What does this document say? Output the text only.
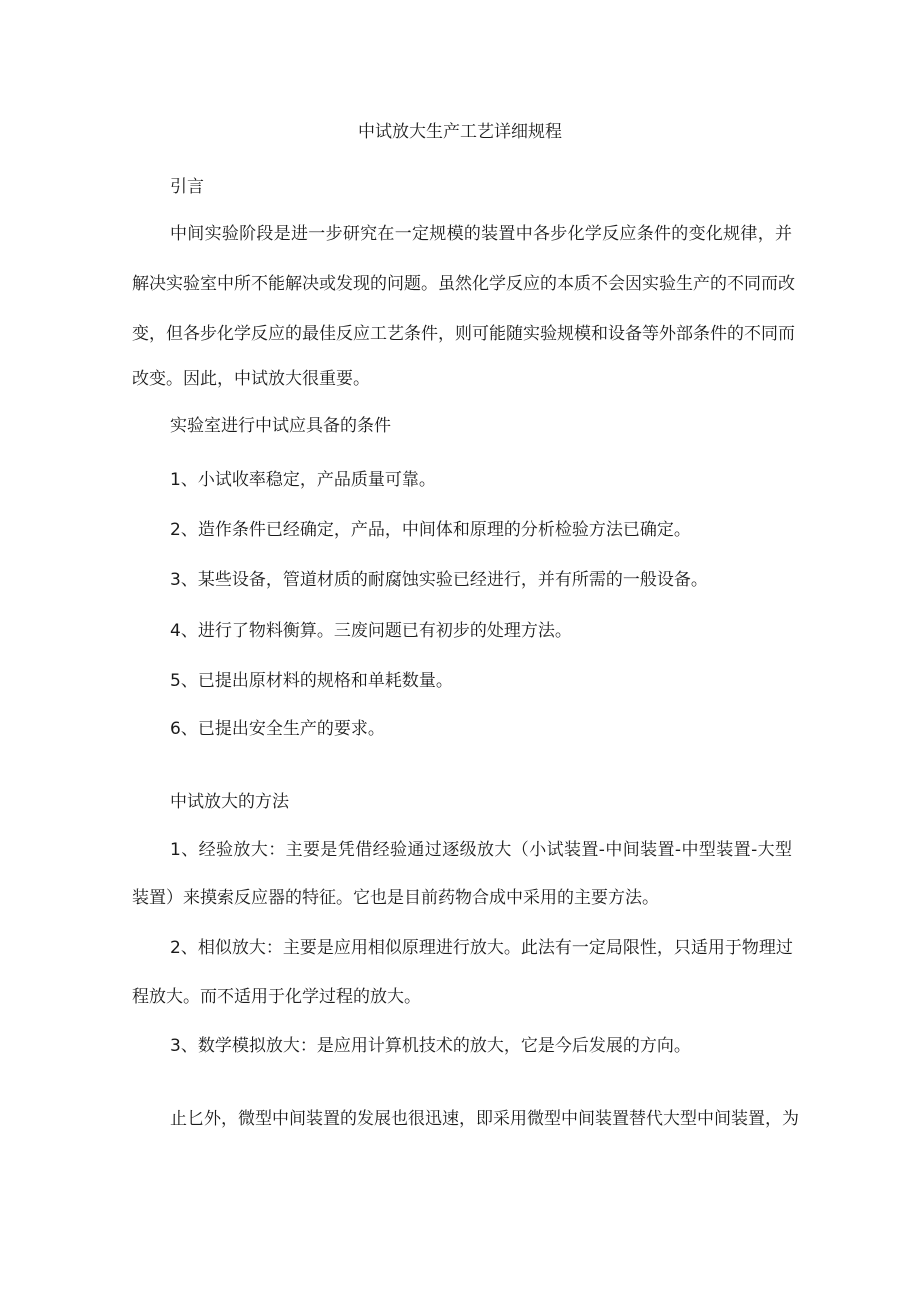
中试放大生产工艺详细规程
引言
中间实验阶段是进一步研究在一定规模的装置中各步化学反应条件的变化规律，并
解决实验室中所不能解决或发现的问题。虽然化学反应的本质不会因实验生产的不同而改
变，但各步化学反应的最佳反应工艺条件，则可能随实验规模和设备等外部条件的不同而
改变。因此，中试放大很重要。
实验室进行中试应具备的条件
1、小试收率稳定，产品质量可靠。
2、造作条件已经确定，产品，中间体和原理的分析检验方法已确定。
3、某些设备，管道材质的耐腐蚀实验已经进行，并有所需的一般设备。
4、进行了物料衡算。三废问题已有初步的处理方法。
5、已提出原材料的规格和单耗数量。
6、已提出安全生产的要求。
中试放大的方法
1、经验放大：主要是凭借经验通过逐级放大（小试装置-中间装置-中型装置-大型
装置）来摸索反应器的特征。它也是目前药物合成中采用的主要方法。
2、相似放大：主要是应用相似原理进行放大。此法有一定局限性，只适用于物理过
程放大。而不适用于化学过程的放大。
3、数学模拟放大：是应用计算机技术的放大，它是今后发展的方向。
止匕外，微型中间装置的发展也很迅速，即采用微型中间装置替代大型中间装置，为
